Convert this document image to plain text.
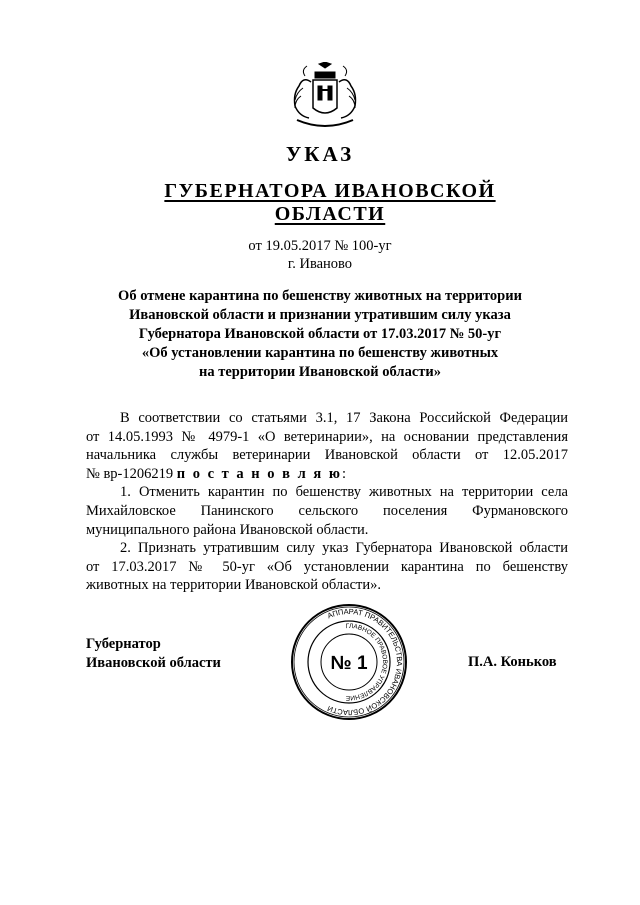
УКАЗ
ГУБЕРНАТОРА ИВАНОВСКОЙ ОБЛАСТИ
от 19.05.2017 № 100-уг
г. Иваново
Об отмене карантина по бешенству животных на территории
Ивановской области и признании утратившим силу указа
Губернатора Ивановской области от 17.03.2017 № 50-уг
«Об установлении карантина по бешенству животных
на территории Ивановской области»
В соответствии со статьями 3.1, 17 Закона Российской Федерации
от 14.05.1993 № 4979-1 «О ветеринарии», на основании представления
начальника службы ветеринарии Ивановской области от 12.05.2017
№ вр-1206219 п о с т а н о в л я ю:
1. Отменить карантин по бешенству животных на территории села
Михайловское Панинского сельского поселения Фурмановского
муниципального района Ивановской области.
2. Признать утратившим силу указ Губернатора Ивановской области
от 17.03.2017 № 50-уг «Об установлении карантина по бешенству
животных на территории Ивановской области».
Губернатор
Ивановской области	П.А. Коньков
АППАРАТ ПРАВИТЕЛЬСТВА ИВАНОВСКОЙ ОБЛАСТИ
ГЛАВНОЕ ПРАВОВОЕ УПРАВЛЕНИЕ
№ 1
